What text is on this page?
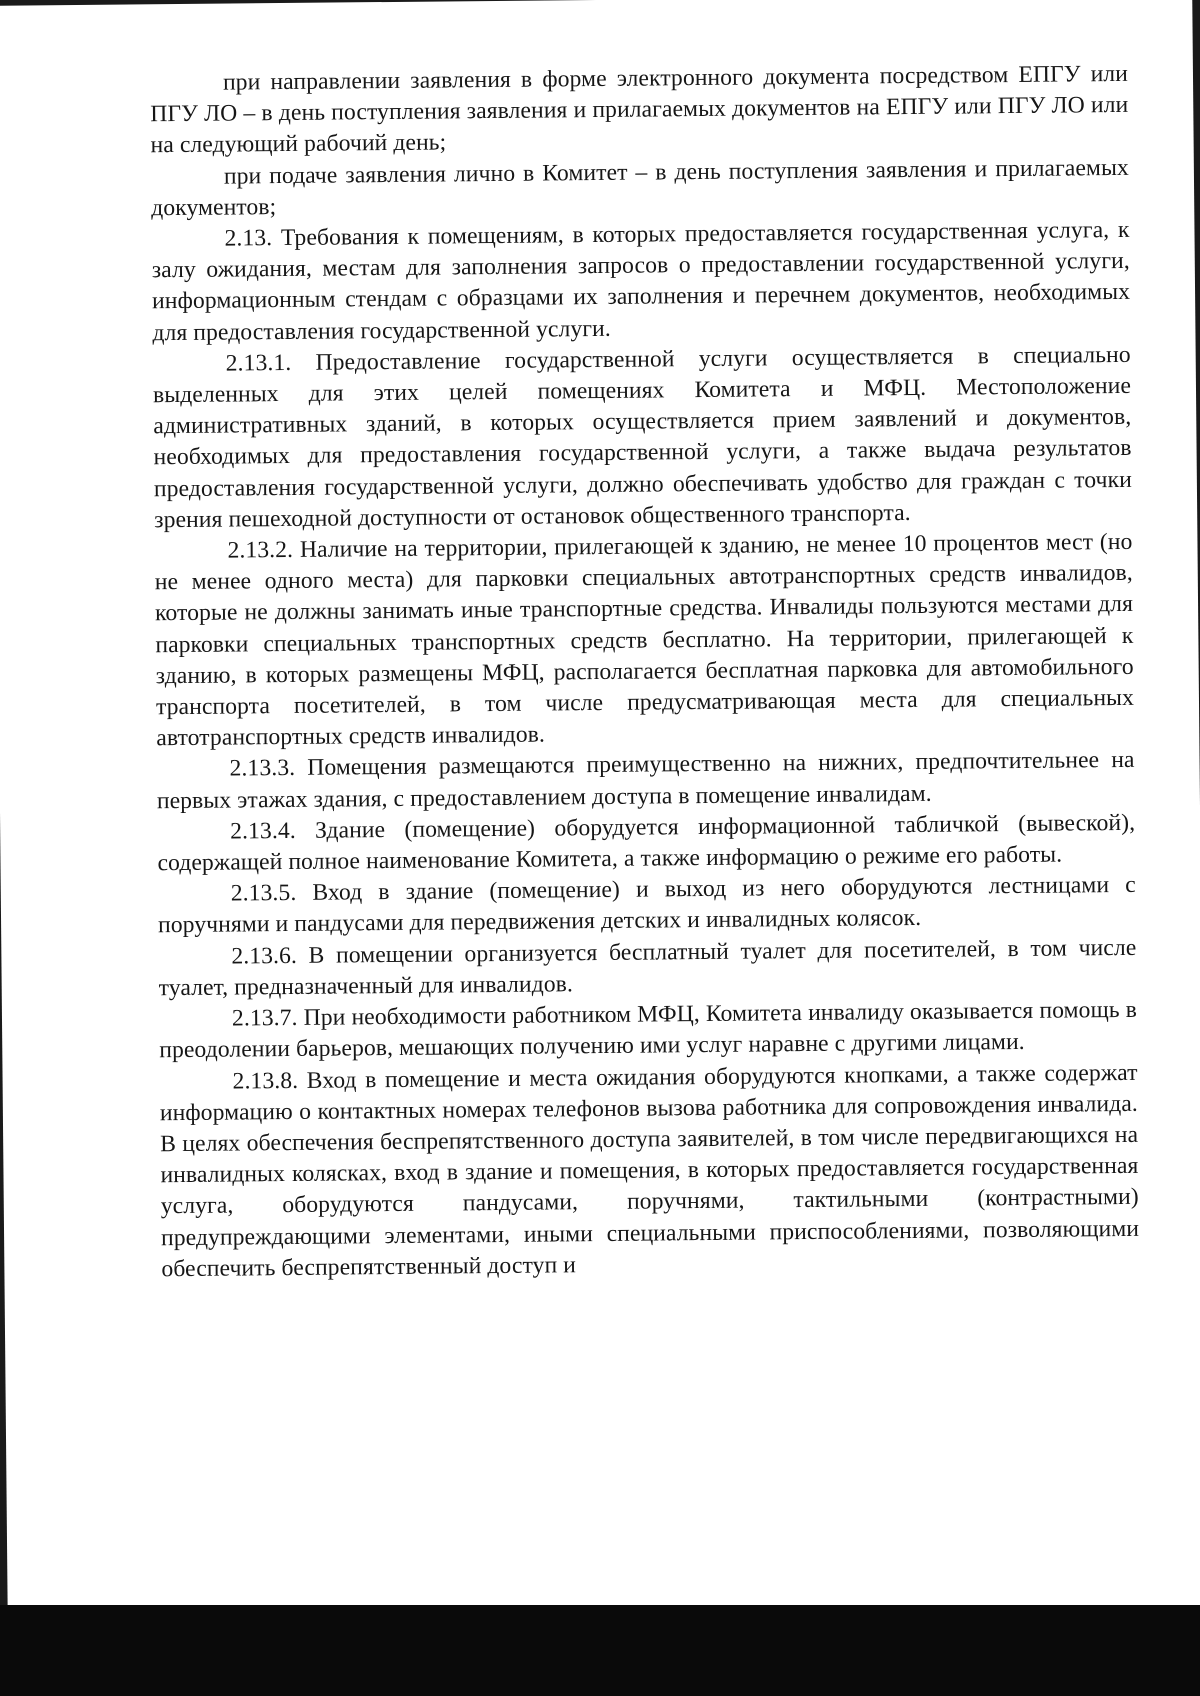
при направлении заявления в форме электронного документа посредством ЕПГУ или ПГУ ЛО – в день поступления заявления и прилагаемых документов на ЕПГУ или ПГУ ЛО или на следующий рабочий день;

при подаче заявления лично в Комитет – в день поступления заявления и прилагаемых документов;

2.13. Требования к помещениям, в которых предоставляется государственная услуга, к залу ожидания, местам для заполнения запросов о предоставлении государственной услуги, информационным стендам с образцами их заполнения и перечнем документов, необходимых для предоставления государственной услуги.

2.13.1. Предоставление государственной услуги осуществляется в специально выделенных для этих целей помещениях Комитета и МФЦ. Местоположение административных зданий, в которых осуществляется прием заявлений и документов, необходимых для предоставления государственной услуги, а также выдача результатов предоставления государственной услуги, должно обеспечивать удобство для граждан с точки зрения пешеходной доступности от остановок общественного транспорта.

2.13.2. Наличие на территории, прилегающей к зданию, не менее 10 процентов мест (но не менее одного места) для парковки специальных автотранспортных средств инвалидов, которые не должны занимать иные транспортные средства. Инвалиды пользуются местами для парковки специальных транспортных средств бесплатно. На территории, прилегающей к зданию, в которых размещены МФЦ, располагается бесплатная парковка для автомобильного транспорта посетителей, в том числе предусматривающая места для специальных автотранспортных средств инвалидов.

2.13.3. Помещения размещаются преимущественно на нижних, предпочтительнее на первых этажах здания, с предоставлением доступа в помещение инвалидам.

2.13.4. Здание (помещение) оборудуется информационной табличкой (вывеской), содержащей полное наименование Комитета, а также информацию о режиме его работы.

2.13.5. Вход в здание (помещение) и выход из него оборудуются лестницами с поручнями и пандусами для передвижения детских и инвалидных колясок.

2.13.6. В помещении организуется бесплатный туалет для посетителей, в том числе туалет, предназначенный для инвалидов.

2.13.7. При необходимости работником МФЦ, Комитета инвалиду оказывается помощь в преодолении барьеров, мешающих получению ими услуг наравне с другими лицами.

2.13.8. Вход в помещение и места ожидания оборудуются кнопками, а также содержат информацию о контактных номерах телефонов вызова работника для сопровождения инвалида. В целях обеспечения беспрепятственного доступа заявителей, в том числе передвигающихся на инвалидных колясках, вход в здание и помещения, в которых предоставляется государственная услуга, оборудуются пандусами, поручнями, тактильными (контрастными) предупреждающими элементами, иными специальными приспособлениями, позволяющими обеспечить беспрепятственный доступ и
